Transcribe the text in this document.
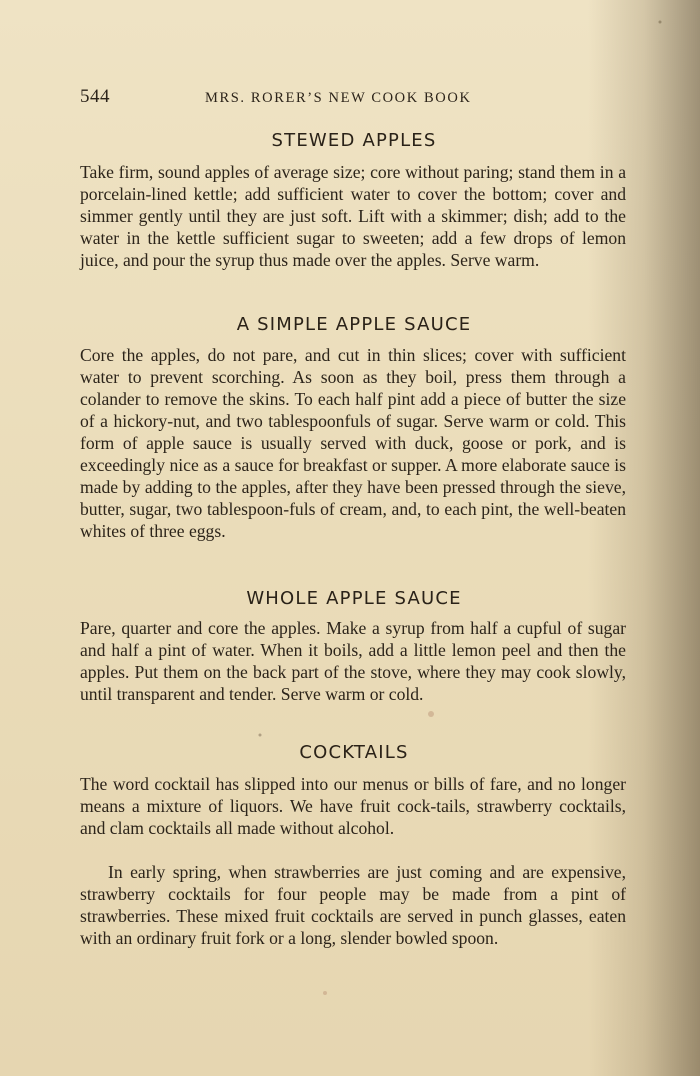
544	MRS. RORER’S NEW COOK BOOK
STEWED APPLES

Take firm, sound apples of average size; core without paring; stand them in a porcelain-lined kettle; add sufficient water to cover the bottom; cover and simmer gently until they are just soft. Lift with a skimmer; dish; add to the water in the kettle sufficient sugar to sweeten; add a few drops of lemon juice, and pour the syrup thus made over the apples. Serve warm.

A SIMPLE APPLE SAUCE

Core the apples, do not pare, and cut in thin slices; cover with sufficient water to prevent scorching. As soon as they boil, press them through a colander to remove the skins. To each half pint add a piece of butter the size of a hickory-nut, and two tablespoonfuls of sugar. Serve warm or cold. This form of apple sauce is usually served with duck, goose or pork, and is exceedingly nice as a sauce for breakfast or supper. A more elaborate sauce is made by adding to the apples, after they have been pressed through the sieve, butter, sugar, two tablespoon-fuls of cream, and, to each pint, the well-beaten whites of three eggs.

WHOLE APPLE SAUCE

Pare, quarter and core the apples. Make a syrup from half a cupful of sugar and half a pint of water. When it boils, add a little lemon peel and then the apples. Put them on the back part of the stove, where they may cook slowly, until transparent and tender. Serve warm or cold.

COCKTAILS

The word cocktail has slipped into our menus or bills of fare, and no longer means a mixture of liquors. We have fruit cock-tails, strawberry cocktails, and clam cocktails all made without alcohol.

In early spring, when strawberries are just coming and are expensive, strawberry cocktails for four people may be made from a pint of strawberries. These mixed fruit cocktails are served in punch glasses, eaten with an ordinary fruit fork or a long, slender bowled spoon.
